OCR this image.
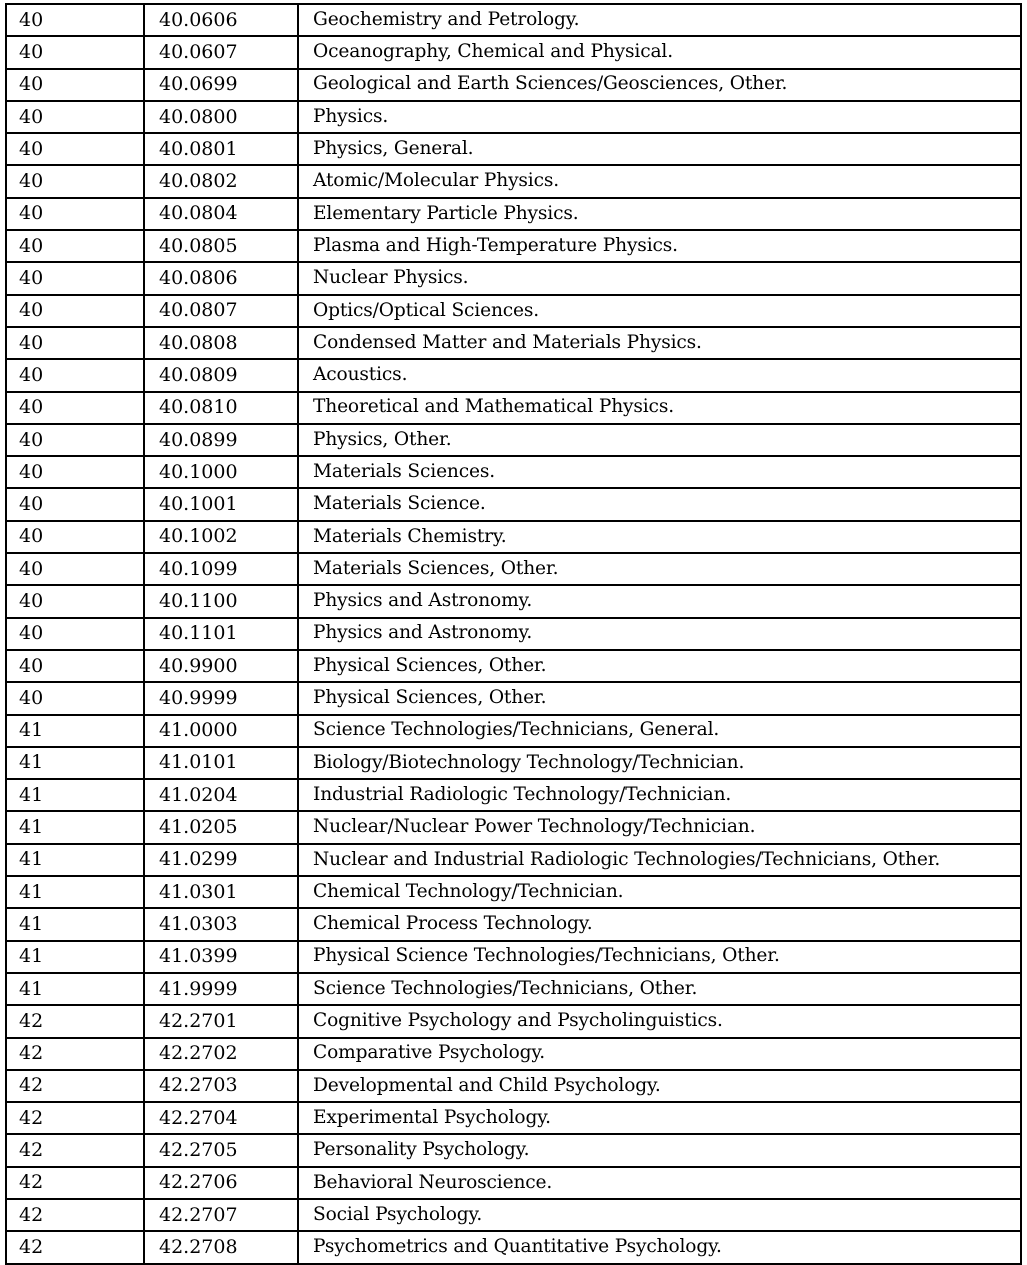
40	40.0606	Geochemistry and Petrology.
40	40.0607	Oceanography, Chemical and Physical.
40	40.0699	Geological and Earth Sciences/Geosciences, Other.
40	40.0800	Physics.
40	40.0801	Physics, General.
40	40.0802	Atomic/Molecular Physics.
40	40.0804	Elementary Particle Physics.
40	40.0805	Plasma and High-Temperature Physics.
40	40.0806	Nuclear Physics.
40	40.0807	Optics/Optical Sciences.
40	40.0808	Condensed Matter and Materials Physics.
40	40.0809	Acoustics.
40	40.0810	Theoretical and Mathematical Physics.
40	40.0899	Physics, Other.
40	40.1000	Materials Sciences.
40	40.1001	Materials Science.
40	40.1002	Materials Chemistry.
40	40.1099	Materials Sciences, Other.
40	40.1100	Physics and Astronomy.
40	40.1101	Physics and Astronomy.
40	40.9900	Physical Sciences, Other.
40	40.9999	Physical Sciences, Other.
41	41.0000	Science Technologies/Technicians, General.
41	41.0101	Biology/Biotechnology Technology/Technician.
41	41.0204	Industrial Radiologic Technology/Technician.
41	41.0205	Nuclear/Nuclear Power Technology/Technician.
41	41.0299	Nuclear and Industrial Radiologic Technologies/Technicians, Other.
41	41.0301	Chemical Technology/Technician.
41	41.0303	Chemical Process Technology.
41	41.0399	Physical Science Technologies/Technicians, Other.
41	41.9999	Science Technologies/Technicians, Other.
42	42.2701	Cognitive Psychology and Psycholinguistics.
42	42.2702	Comparative Psychology.
42	42.2703	Developmental and Child Psychology.
42	42.2704	Experimental Psychology.
42	42.2705	Personality Psychology.
42	42.2706	Behavioral Neuroscience.
42	42.2707	Social Psychology.
42	42.2708	Psychometrics and Quantitative Psychology.
